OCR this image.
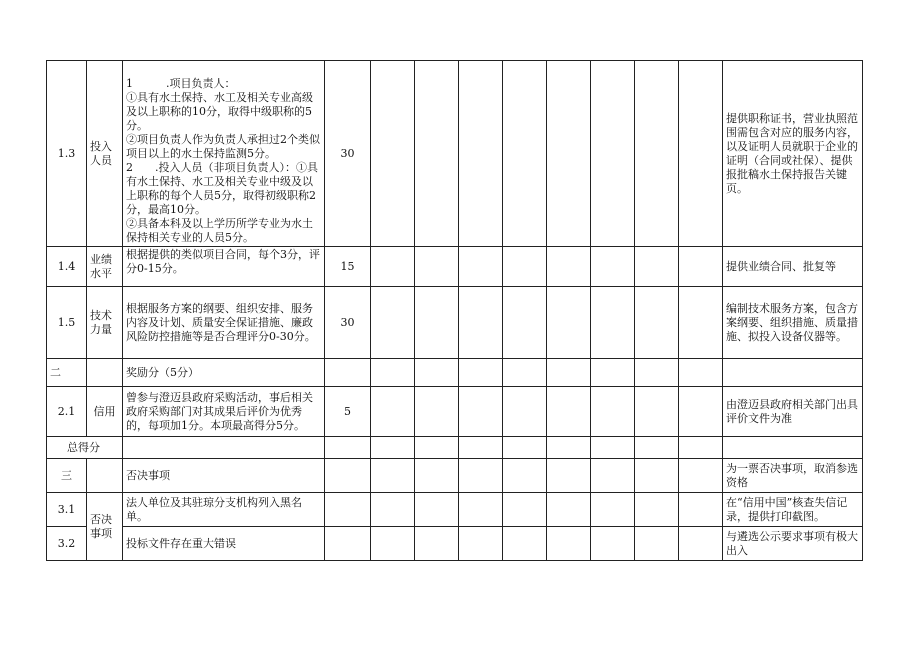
1.3	投入人员	1　　　.项目负责人：
①具有水土保持、水工及相关专业高级及以上职称的10分，取得中级职称的5分。
②项目负责人作为负责人承担过2个类似项目以上的水土保持监测5分。
2　　.投入人员（非项目负责人）：①具有水土保持、水工及相关专业中级及以上职称的每个人员5分，取得初级职称2分，最高10分。
②具备本科及以上学历所学专业为水土保持相关专业的人员5分。	30									提供职称证书，营业执照范围需包含对应的服务内容，以及证明人员就职于企业的证明（合同或社保）、提供报批稿水土保持报告关键页。
1.4	业绩水平	根据提供的类似项目合同，每个3分，评分0-15分。	15									提供业绩合同、批复等
1.5	技术力量	根据服务方案的纲要、组织安排、服务内容及计划、质量安全保证措施、廉政风险防控措施等是否合理评分0-30分。	30									编制技术服务方案，包含方案纲要、组织措施、质量措施、拟投入设备仪器等。
二		奖励分（5分）										
2.1	信用	曾参与澄迈县政府采购活动，事后相关政府采购部门对其成果后评价为优秀的，每项加1分。本项最高得分5分。	5									由澄迈县政府相关部门出具评价文件为准
总得分												
三		否决事项										为一票否决事项，取消参选资格
3.1	否决事项	法人单位及其驻琼分支机构列入黑名单。										在“信用中国”核查失信记录，提供打印截图。
3.2		投标文件存在重大错误										与遴选公示要求事项有极大出入
